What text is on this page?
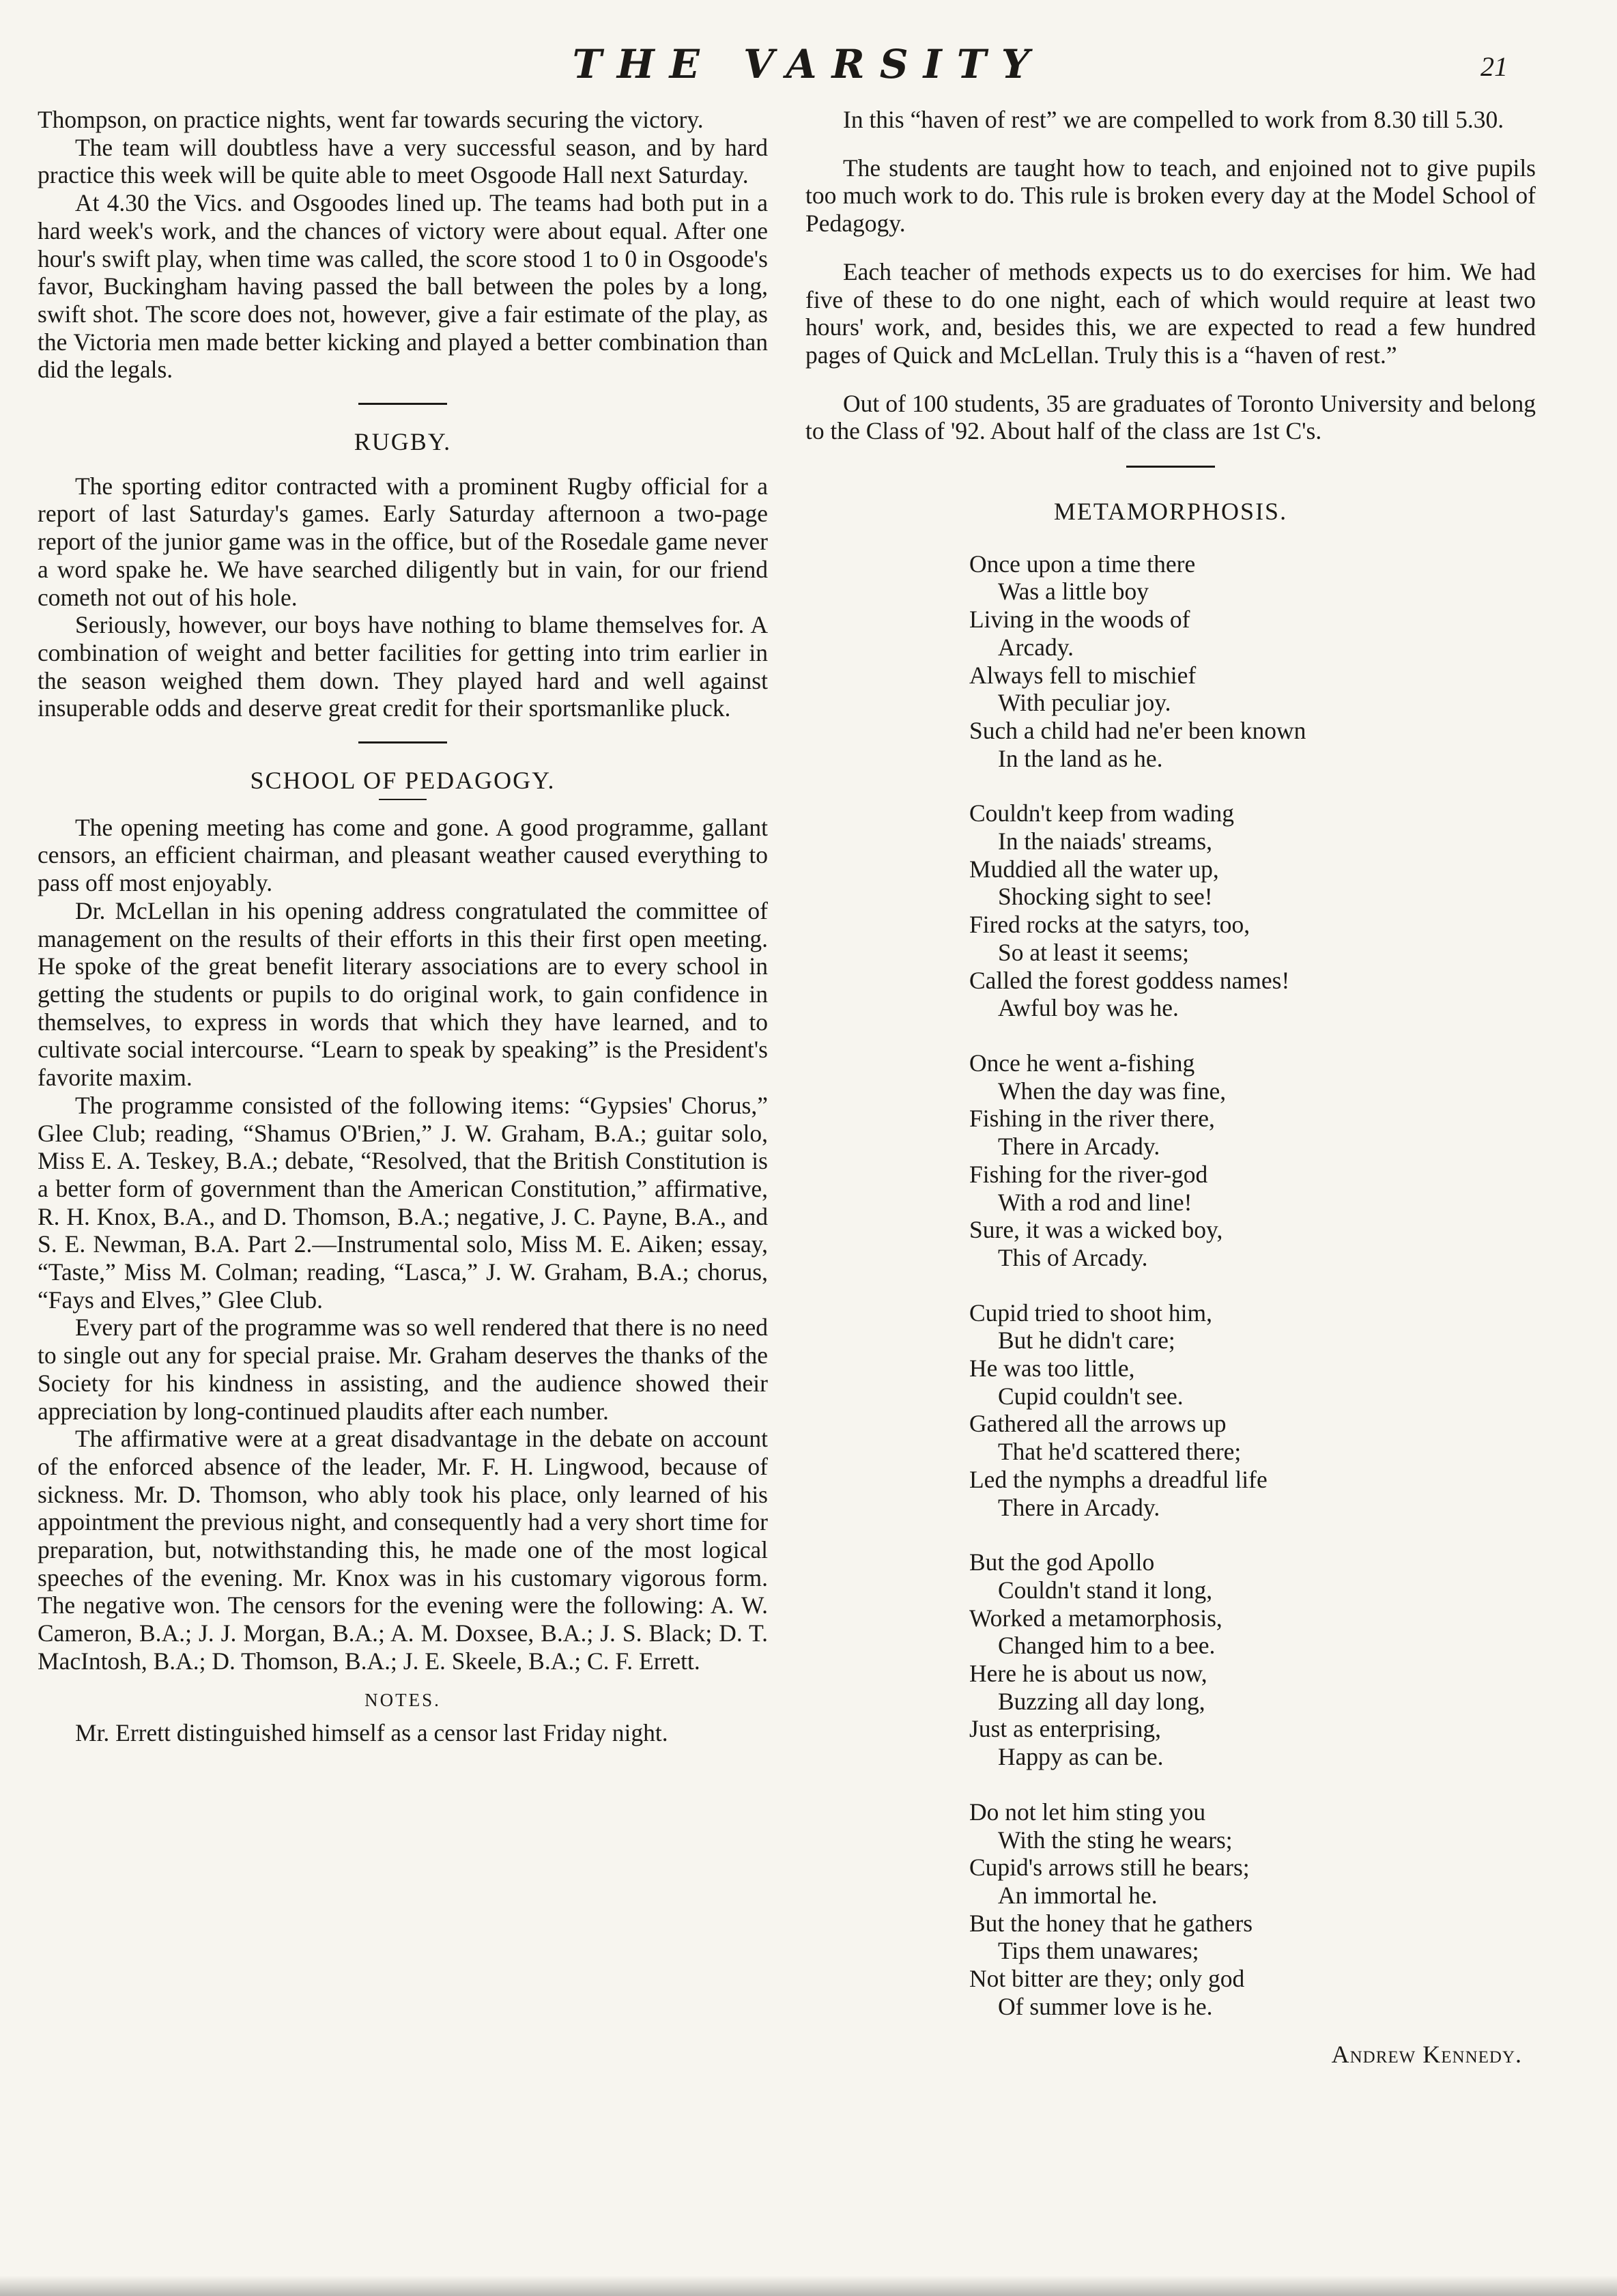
THE VARSITY	21

Thompson, on practice nights, went far towards securing the victory.

The team will doubtless have a very successful season, and by hard practice this week will be quite able to meet Osgoode Hall next Saturday.

At 4.30 the Vics. and Osgoodes lined up. The teams had both put in a hard week's work, and the chances of victory were about equal. After one hour's swift play, when time was called, the score stood 1 to 0 in Osgoode's favor, Buckingham having passed the ball between the poles by a long, swift shot. The score does not, however, give a fair estimate of the play, as the Victoria men made better kicking and played a better combination than did the legals.

RUGBY.

The sporting editor contracted with a prominent Rugby official for a report of last Saturday's games. Early Saturday afternoon a two-page report of the junior game was in the office, but of the Rosedale game never a word spake he. We have searched diligently but in vain, for our friend cometh not out of his hole.

Seriously, however, our boys have nothing to blame themselves for. A combination of weight and better facilities for getting into trim earlier in the season weighed them down. They played hard and well against insuperable odds and deserve great credit for their sportsmanlike pluck.

SCHOOL OF PEDAGOGY.

The opening meeting has come and gone. A good programme, gallant censors, an efficient chairman, and pleasant weather caused everything to pass off most enjoyably.

Dr. McLellan in his opening address congratulated the committee of management on the results of their efforts in this their first open meeting. He spoke of the great benefit literary associations are to every school in getting the students or pupils to do original work, to gain confidence in themselves, to express in words that which they have learned, and to cultivate social intercourse. “Learn to speak by speaking” is the President's favorite maxim.

The programme consisted of the following items: “Gypsies' Chorus,” Glee Club; reading, “Shamus O'Brien,” J. W. Graham, B.A.; guitar solo, Miss E. A. Teskey, B.A.; debate, “Resolved, that the British Constitution is a better form of government than the American Constitution,” affirmative, R. H. Knox, B.A., and D. Thomson, B.A.; negative, J. C. Payne, B.A., and S. E. Newman, B.A. Part 2.—Instrumental solo, Miss M. E. Aiken; essay, “Taste,” Miss M. Colman; reading, “Lasca,” J. W. Graham, B.A.; chorus, “Fays and Elves,” Glee Club.

Every part of the programme was so well rendered that there is no need to single out any for special praise. Mr. Graham deserves the thanks of the Society for his kindness in assisting, and the audience showed their appreciation by long-continued plaudits after each number.

The affirmative were at a great disadvantage in the debate on account of the enforced absence of the leader, Mr. F. H. Lingwood, because of sickness. Mr. D. Thomson, who ably took his place, only learned of his appointment the previous night, and consequently had a very short time for preparation, but, notwithstanding this, he made one of the most logical speeches of the evening. Mr. Knox was in his customary vigorous form. The negative won. The censors for the evening were the following: A. W. Cameron, B.A.; J. J. Morgan, B.A.; A. M. Doxsee, B.A.; J. S. Black; D. T. MacIntosh, B.A.; D. Thomson, B.A.; J. E. Skeele, B.A.; C. F. Errett.

NOTES.

Mr. Errett distinguished himself as a censor last Friday night.

In this “haven of rest” we are compelled to work from 8.30 till 5.30.

The students are taught how to teach, and enjoined not to give pupils too much work to do. This rule is broken every day at the Model School of Pedagogy.

Each teacher of methods expects us to do exercises for him. We had five of these to do one night, each of which would require at least two hours' work, and, besides this, we are expected to read a few hundred pages of Quick and McLellan. Truly this is a “haven of rest.”

Out of 100 students, 35 are graduates of Toronto University and belong to the Class of '92. About half of the class are 1st C's.

METAMORPHOSIS.
Once upon a time there
Was a little boy
Living in the woods of
Arcady.
Always fell to mischief
With peculiar joy.
Such a child had ne'er been known
In the land as he.
Couldn't keep from wading
In the naiads' streams,
Muddied all the water up,
Shocking sight to see!
Fired rocks at the satyrs, too,
So at least it seems;
Called the forest goddess names!
Awful boy was he.
Once he went a-fishing
When the day was fine,
Fishing in the river there,
There in Arcady.
Fishing for the river-god
With a rod and line!
Sure, it was a wicked boy,
This of Arcady.
Cupid tried to shoot him,
But he didn't care;
He was too little,
Cupid couldn't see.
Gathered all the arrows up
That he'd scattered there;
Led the nymphs a dreadful life
There in Arcady.
But the god Apollo
Couldn't stand it long,
Worked a metamorphosis,
Changed him to a bee.
Here he is about us now,
Buzzing all day long,
Just as enterprising,
Happy as can be.
Do not let him sting you
With the sting he wears;
Cupid's arrows still he bears;
An immortal he.
But the honey that he gathers
Tips them unawares;
Not bitter are they; only god
Of summer love is he.
Andrew Kennedy.
